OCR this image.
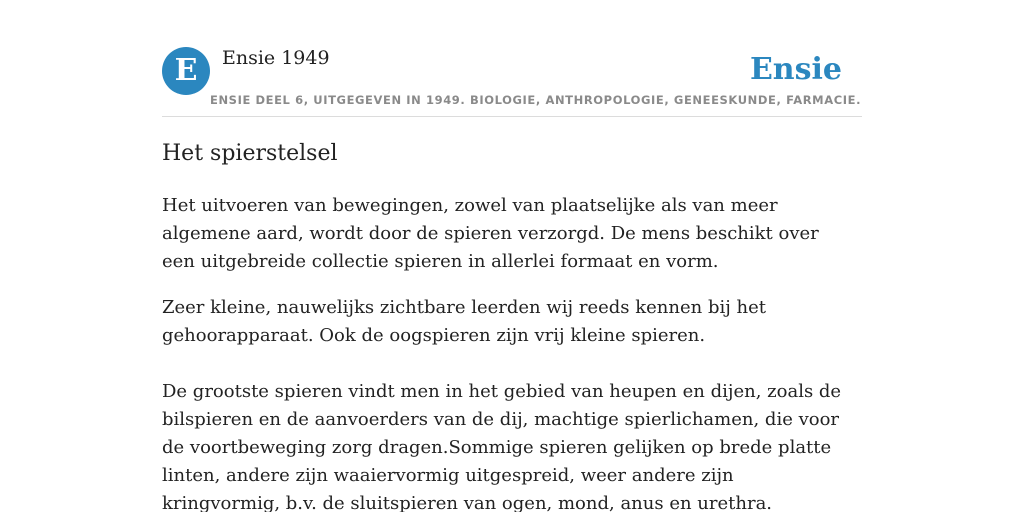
E	Ensie 1949	Ensie
ENSIE DEEL 6, UITGEGEVEN IN 1949. BIOLOGIE, ANTHROPOLOGIE, GENEESKUNDE, FARMACIE.
Het spierstelsel

Het uitvoeren van bewegingen, zowel van plaatselijke als van meer algemene aard, wordt door de spieren verzorgd. De mens beschikt over een uitgebreide collectie spieren in allerlei formaat en vorm.

Zeer kleine, nauwelijks zichtbare leerden wij reeds kennen bij het gehoorapparaat. Ook de oogspieren zijn vrij kleine spieren.

De grootste spieren vindt men in het gebied van heupen en dijen, zoals de bilspieren en de aanvoerders van de dij, machtige spierlichamen, die voor de voortbeweging zorg dragen.Sommige spieren gelijken op brede platte linten, andere zijn waaiervormig uitgespreid, weer andere zijn kringvormig, b.v. de sluitspieren van ogen, mond, anus en urethra.
